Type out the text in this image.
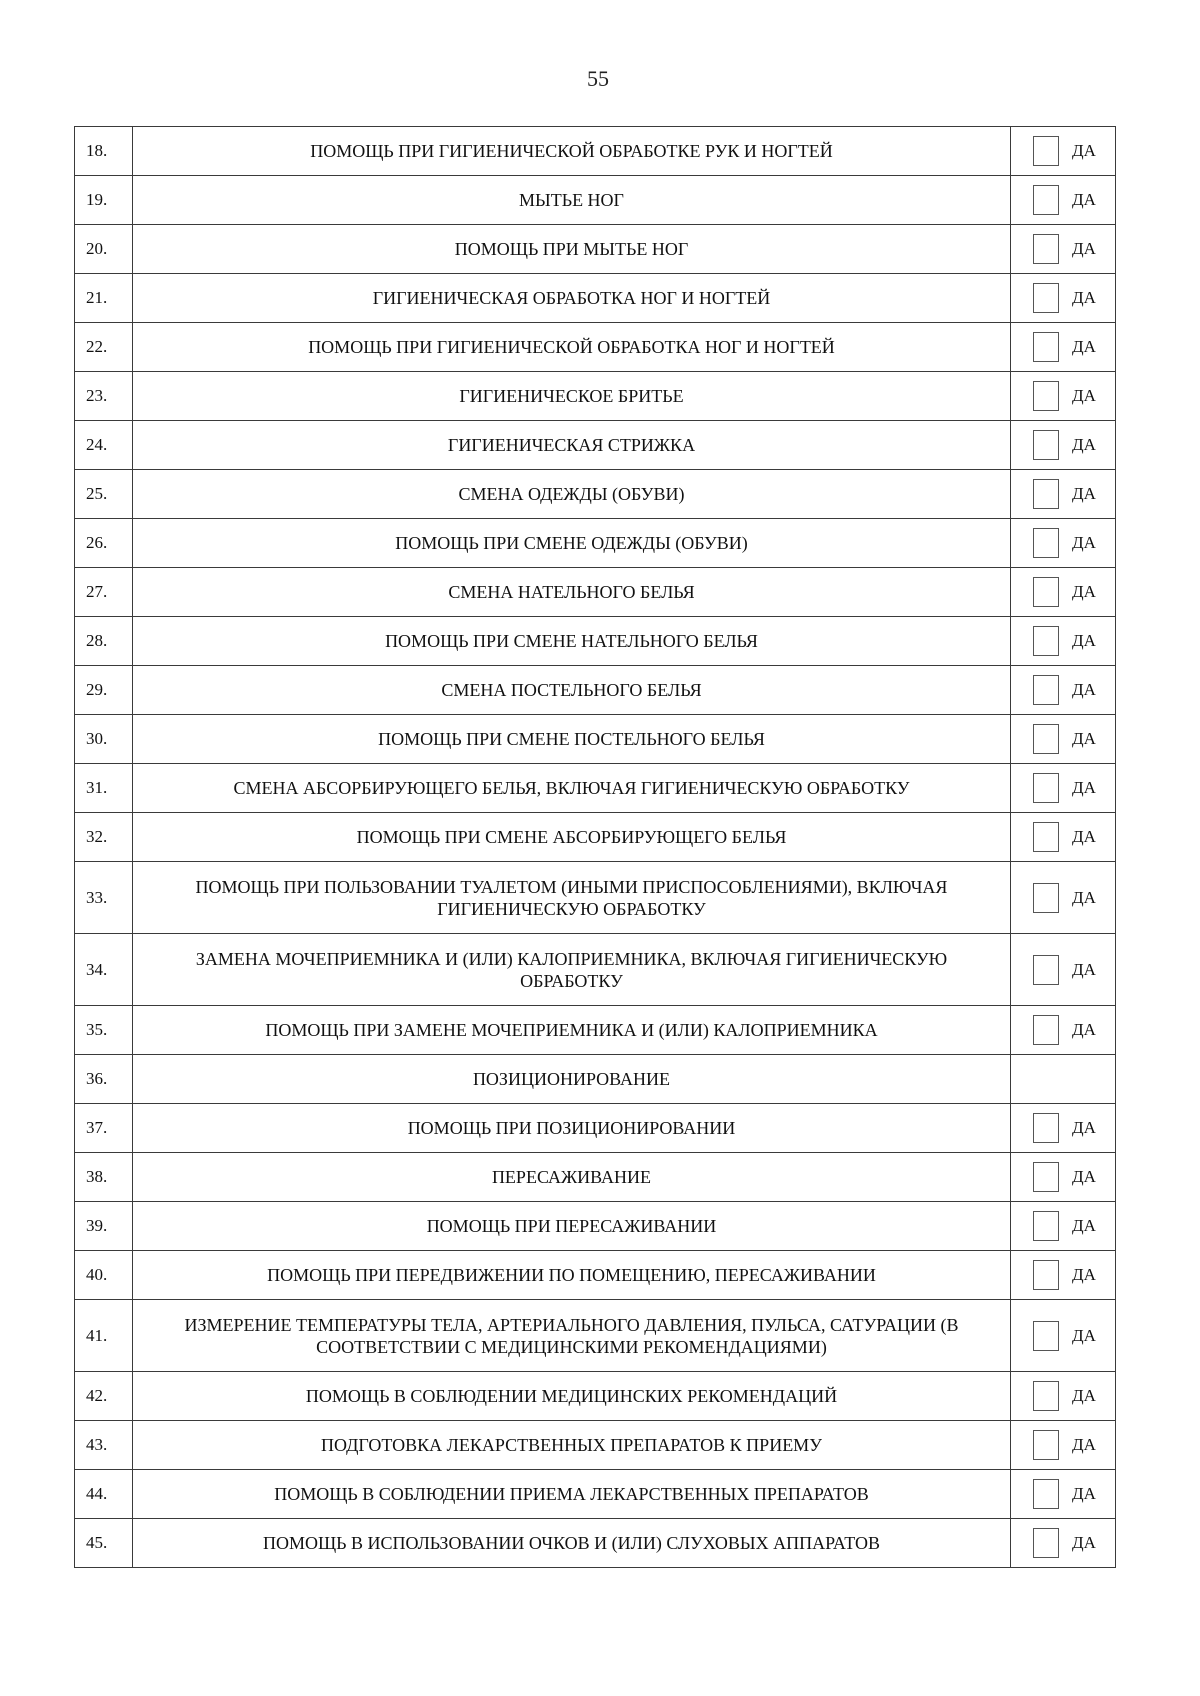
55
18.	ПОМОЩЬ ПРИ ГИГИЕНИЧЕСКОЙ ОБРАБОТКЕ РУК И НОГТЕЙ	ДА

19.	МЫТЬЕ НОГ	ДА

20.	ПОМОЩЬ ПРИ МЫТЬЕ НОГ	ДА

21.	ГИГИЕНИЧЕСКАЯ ОБРАБОТКА НОГ И НОГТЕЙ	ДА

22.	ПОМОЩЬ ПРИ ГИГИЕНИЧЕСКОЙ ОБРАБОТКА НОГ И НОГТЕЙ	ДА

23.	ГИГИЕНИЧЕСКОЕ БРИТЬЕ	ДА

24.	ГИГИЕНИЧЕСКАЯ СТРИЖКА	ДА

25.	СМЕНА ОДЕЖДЫ (ОБУВИ)	ДА

26.	ПОМОЩЬ ПРИ СМЕНЕ ОДЕЖДЫ (ОБУВИ)	ДА

27.	СМЕНА НАТЕЛЬНОГО БЕЛЬЯ	ДА

28.	ПОМОЩЬ ПРИ СМЕНЕ НАТЕЛЬНОГО БЕЛЬЯ	ДА

29.	СМЕНА ПОСТЕЛЬНОГО БЕЛЬЯ	ДА

30.	ПОМОЩЬ ПРИ СМЕНЕ ПОСТЕЛЬНОГО БЕЛЬЯ	ДА

31.	СМЕНА АБСОРБИРУЮЩЕГО БЕЛЬЯ, ВКЛЮЧАЯ ГИГИЕНИЧЕСКУЮ ОБРАБОТКУ	ДА

32.	ПОМОЩЬ ПРИ СМЕНЕ АБСОРБИРУЮЩЕГО БЕЛЬЯ	ДА

33.	ПОМОЩЬ ПРИ ПОЛЬЗОВАНИИ ТУАЛЕТОМ (ИНЫМИ ПРИСПОСОБЛЕНИЯМИ), ВКЛЮЧАЯ ГИГИЕНИЧЕСКУЮ ОБРАБОТКУ	ДА

34.	ЗАМЕНА МОЧЕПРИЕМНИКА И (ИЛИ) КАЛОПРИЕМНИКА, ВКЛЮЧАЯ ГИГИЕНИЧЕСКУЮ ОБРАБОТКУ	ДА

35.	ПОМОЩЬ ПРИ ЗАМЕНЕ МОЧЕПРИЕМНИКА И (ИЛИ) КАЛОПРИЕМНИКА	ДА

36.	ПОЗИЦИОНИРОВАНИЕ	
37.	ПОМОЩЬ ПРИ ПОЗИЦИОНИРОВАНИИ	ДА

38.	ПЕРЕСАЖИВАНИЕ	ДА

39.	ПОМОЩЬ ПРИ ПЕРЕСАЖИВАНИИ	ДА

40.	ПОМОЩЬ ПРИ ПЕРЕДВИЖЕНИИ ПО ПОМЕЩЕНИЮ, ПЕРЕСАЖИВАНИИ	ДА

41.	ИЗМЕРЕНИЕ ТЕМПЕРАТУРЫ ТЕЛА, АРТЕРИАЛЬНОГО ДАВЛЕНИЯ, ПУЛЬСА, САТУРАЦИИ (В СООТВЕТСТВИИ С МЕДИЦИНСКИМИ РЕКОМЕНДАЦИЯМИ)	ДА

42.	ПОМОЩЬ В СОБЛЮДЕНИИ МЕДИЦИНСКИХ РЕКОМЕНДАЦИЙ	ДА

43.	ПОДГОТОВКА ЛЕКАРСТВЕННЫХ ПРЕПАРАТОВ К ПРИЕМУ	ДА

44.	ПОМОЩЬ В СОБЛЮДЕНИИ ПРИЕМА ЛЕКАРСТВЕННЫХ ПРЕПАРАТОВ	ДА

45.	ПОМОЩЬ В ИСПОЛЬЗОВАНИИ ОЧКОВ И (ИЛИ) СЛУХОВЫХ АППАРАТОВ	ДА
